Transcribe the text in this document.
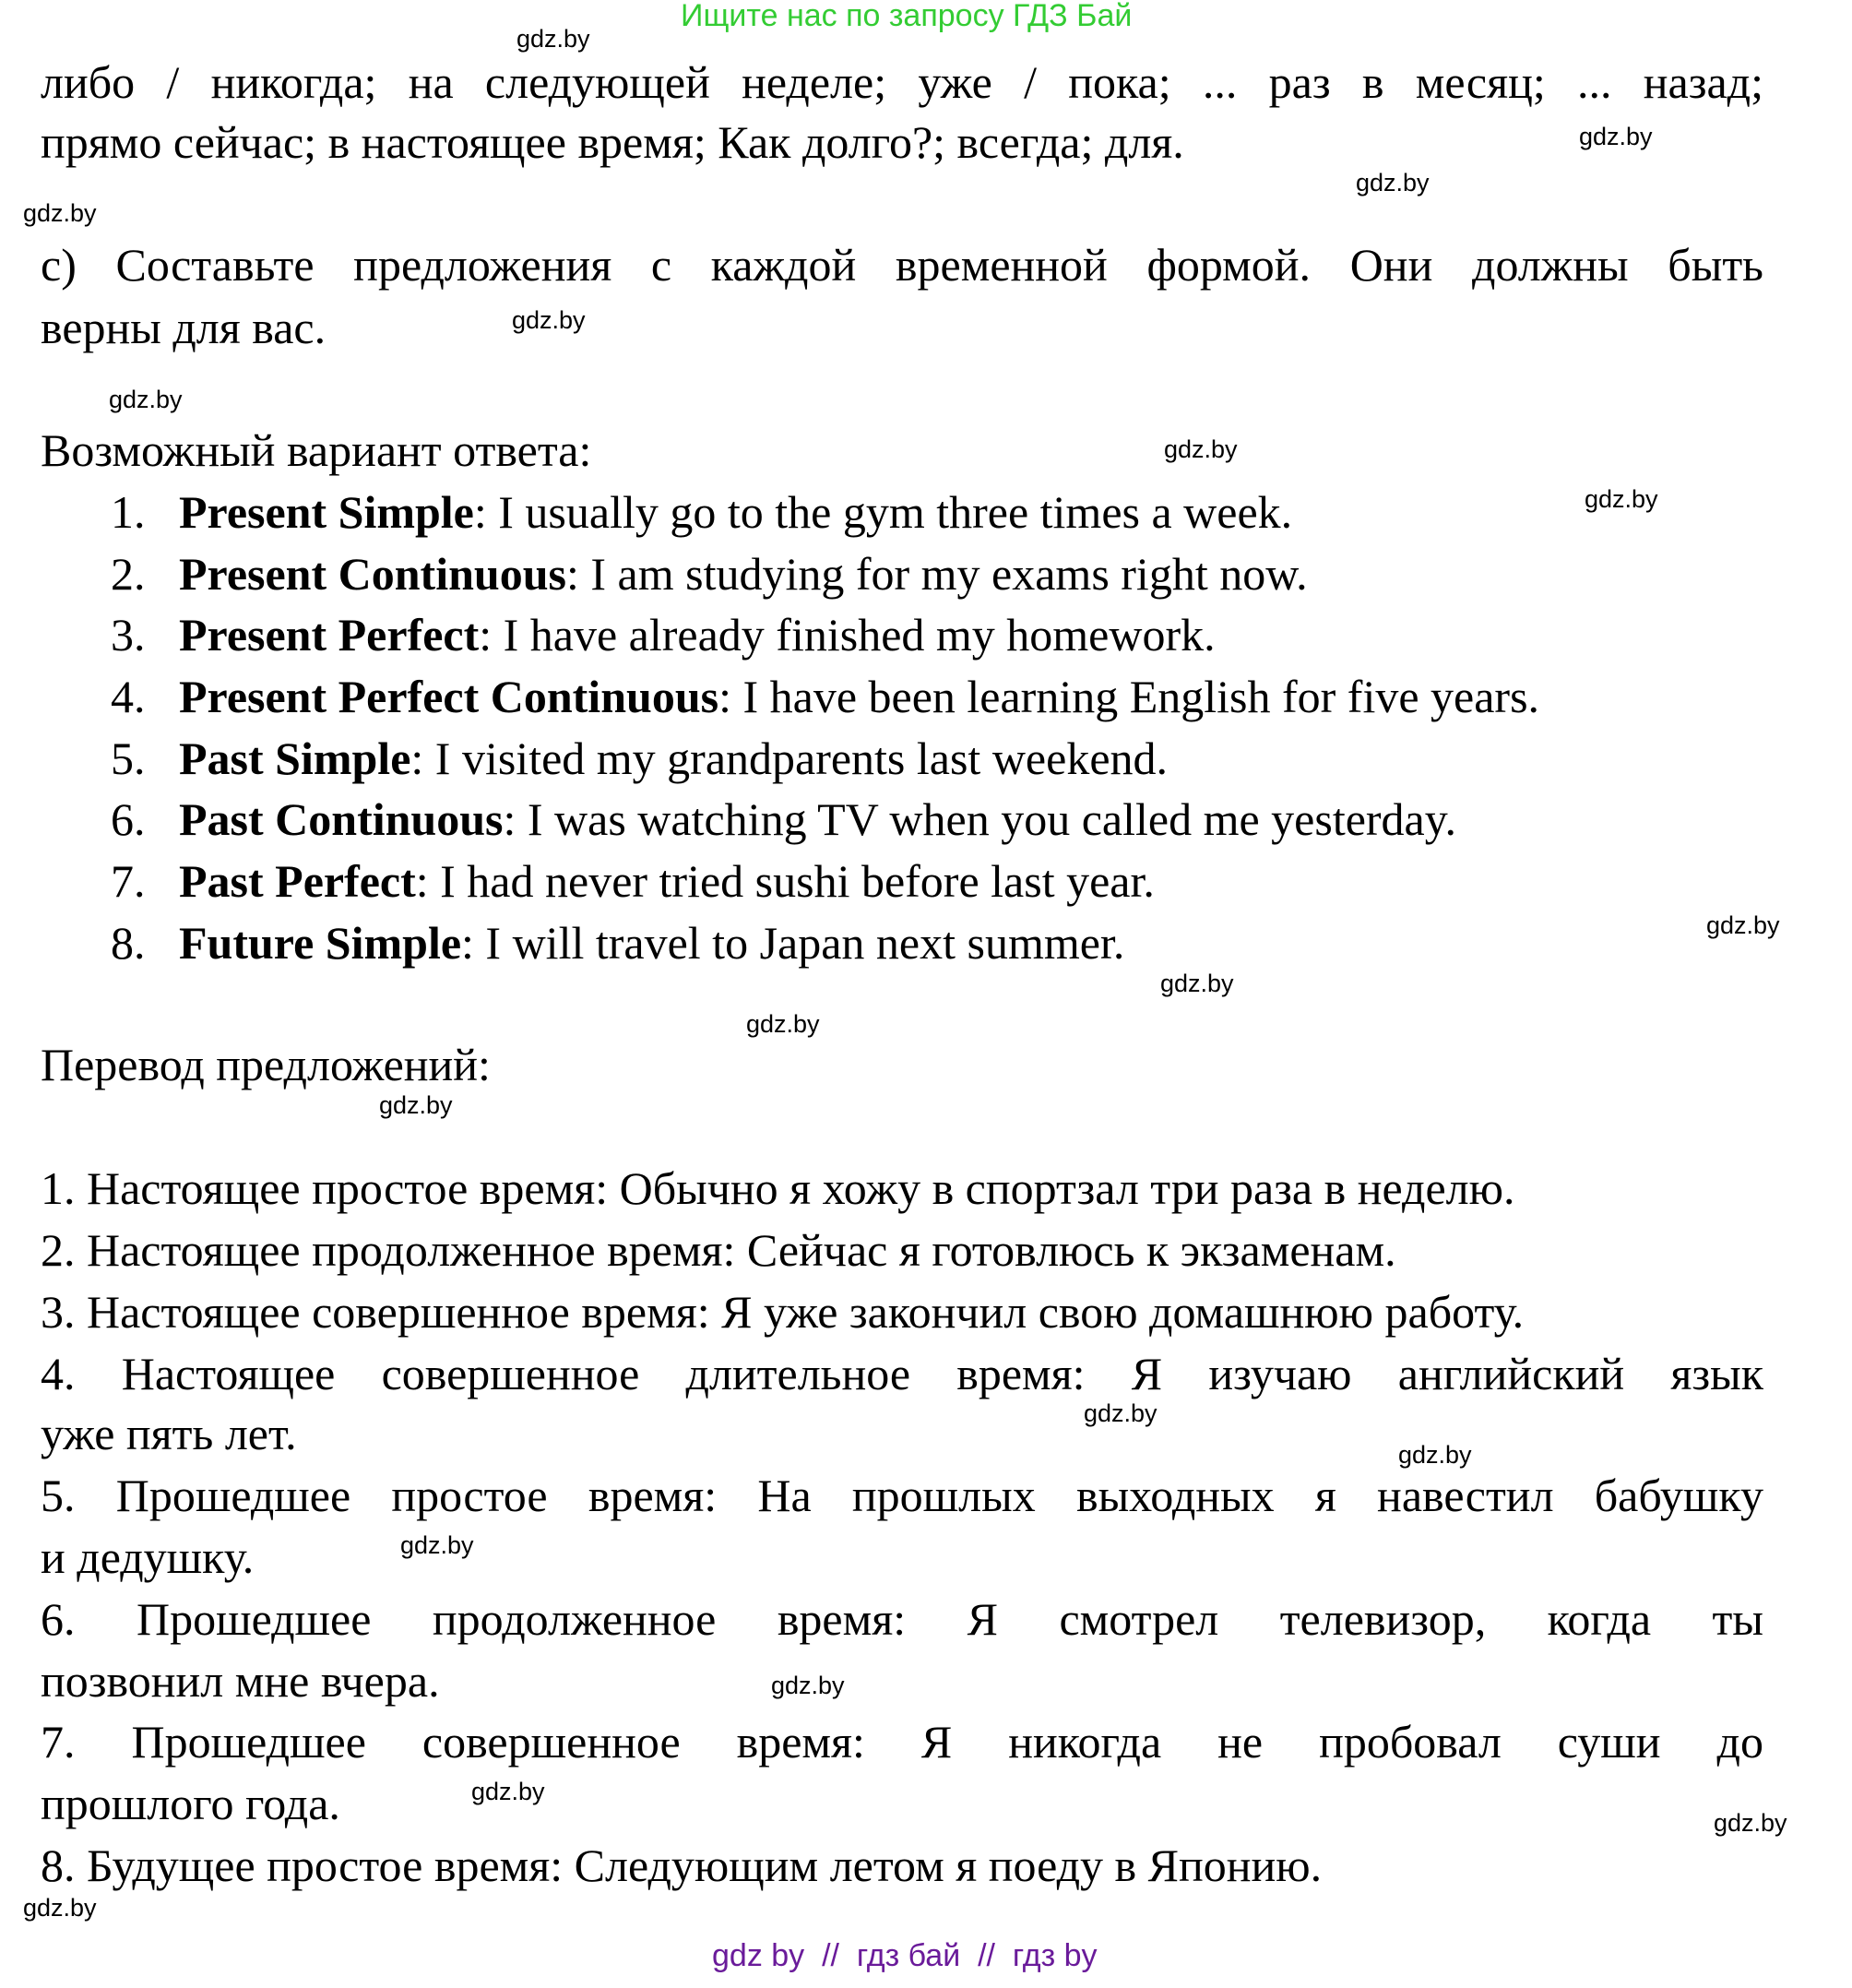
Ищите нас по запросу ГДЗ Бай
либо / никогда; на следующей неделе; уже / пока; ... раз в месяц; ... назад;
прямо сейчас; в настоящее время; Как долго?; всегда; для.
c) Составьте предложения с каждой временной формой. Они должны быть
верны для вас.
Возможный вариант ответа:
1. Present Simple: I usually go to the gym three times a week.
2. Present Continuous: I am studying for my exams right now.
3. Present Perfect: I have already finished my homework.
4. Present Perfect Continuous: I have been learning English for five years.
5. Past Simple: I visited my grandparents last weekend.
6. Past Continuous: I was watching TV when you called me yesterday.
7. Past Perfect: I had never tried sushi before last year.
8. Future Simple: I will travel to Japan next summer.
Перевод предложений:
1. Настоящее простое время: Обычно я хожу в спортзал три раза в неделю.
2. Настоящее продолженное время: Сейчас я готовлюсь к экзаменам.
3. Настоящее совершенное время: Я уже закончил свою домашнюю работу.
4. Настоящее совершенное длительное время: Я изучаю английский язык
уже пять лет.
5. Прошедшее простое время: На прошлых выходных я навестил бабушку
и дедушку.
6. Прошедшее продолженное время: Я смотрел телевизор, когда ты
позвонил мне вчера.
7. Прошедшее совершенное время: Я никогда не пробовал суши до
прошлого года.
8. Будущее простое время: Следующим летом я поеду в Японию.
gdz.by
gdz.by
gdz.by
gdz.by
gdz.by
gdz.by
gdz.by
gdz.by
gdz.by
gdz.by
gdz.by
gdz.by
gdz.by
gdz.by
gdz.by
gdz.by
gdz.by
gdz.by
gdz.by
gdz by  //  гдз бай  //  гдз by
